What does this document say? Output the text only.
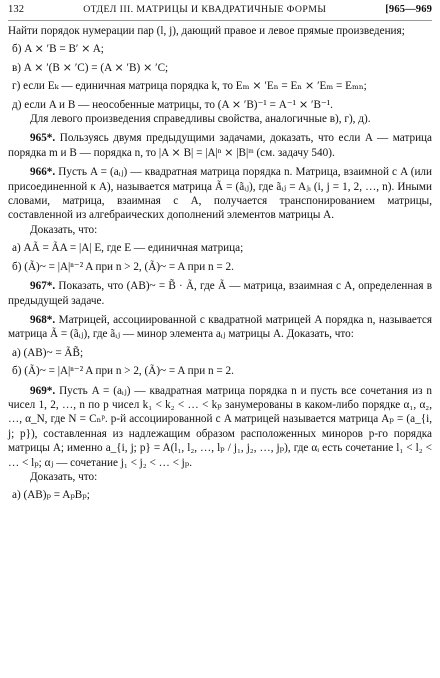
132	ОТДЕЛ III. МАТРИЦЫ И КВАДРАТИЧНЫЕ ФОРМЫ	[965—969

Найти порядок нумерации пар (l, j), дающий правое и левое прямые произведения;

б) A ⨯ ′B = B′ ⨯ A;

в) A ⨯ ′(B ⨯ ′C) = (A ⨯ ′B) ⨯ ′C;

г) если Eₖ — единичная матрица порядка k, то Eₘ ⨯ ′Eₙ = Eₙ ⨯ ′Eₘ = Eₘₙ;

д) если A и B — неособенные матрицы, то (A ⨯ ′B)⁻¹ = A⁻¹ ⨯ ′B⁻¹.

Для левого произведения справедливы свойства, аналогичные в), г), д).

965*. Пользуясь двумя предыдущими задачами, доказать, что если A — матрица порядка m и B — порядка n, то |A ⨯ B| = |A|ⁿ ⨯ |B|ᵐ (см. задачу 540).

966*. Пусть A = (aᵢⱼ) — квадратная матрица порядка n. Матрица, взаимной с A (или присоединенной к A), называется матрица Ã = (ãᵢⱼ), где ãᵢⱼ = Aⱼᵢ (i, j = 1, 2, …, n). Иными словами, матрица, взаимная с A, получается транспонированием матрицы, составленной из алгебраических дополнений элементов матрицы A.

Доказать, что:

а) AÃ = ÃA = |A| E, где E — единичная матрица;

б) (Ã)~ = |A|ⁿ⁻² A при n > 2, (Ã)~ = A при n = 2.

967*. Показать, что (AB)~ = B̃ · Ã, где Ã — матрица, взаимная с A, определенная в предыдущей задаче.

968*. Матрицей, ассоциированной с квадратной матрицей A порядка n, называется матрица Ã = (ãᵢⱼ), где ãᵢⱼ — минор элемента aᵢⱼ матрицы A. Доказать, что:

а) (AB)~ = ÃB̃;

б) (Ã)~ = |A|ⁿ⁻² A при n > 2, (Ã)~ = A при n = 2.

969*. Пусть A = (aᵢⱼ) — квадратная матрица порядка n и пусть все сочетания из n чисел 1, 2, …, n по p чисел k₁ < k₂ < … < kₚ занумерованы в каком-либо порядке α₁, α₂, …, α_N, где N = Cₙᵖ. p-й ассоциированной с A матрицей называется матрица Aₚ = (a_{i, j; p}), составленная из надлежащим образом расположенных миноров p-го порядка матрицы A; именно a_{i, j; p} = A(l₁, l₂, …, lₚ / j₁, j₂, …, jₚ), где αᵢ есть сочетание l₁ < l₂ < … < lₚ; αⱼ — сочетание j₁ < j₂ < … < jₚ.

Доказать, что:

а) (AB)ₚ = AₚBₚ;
